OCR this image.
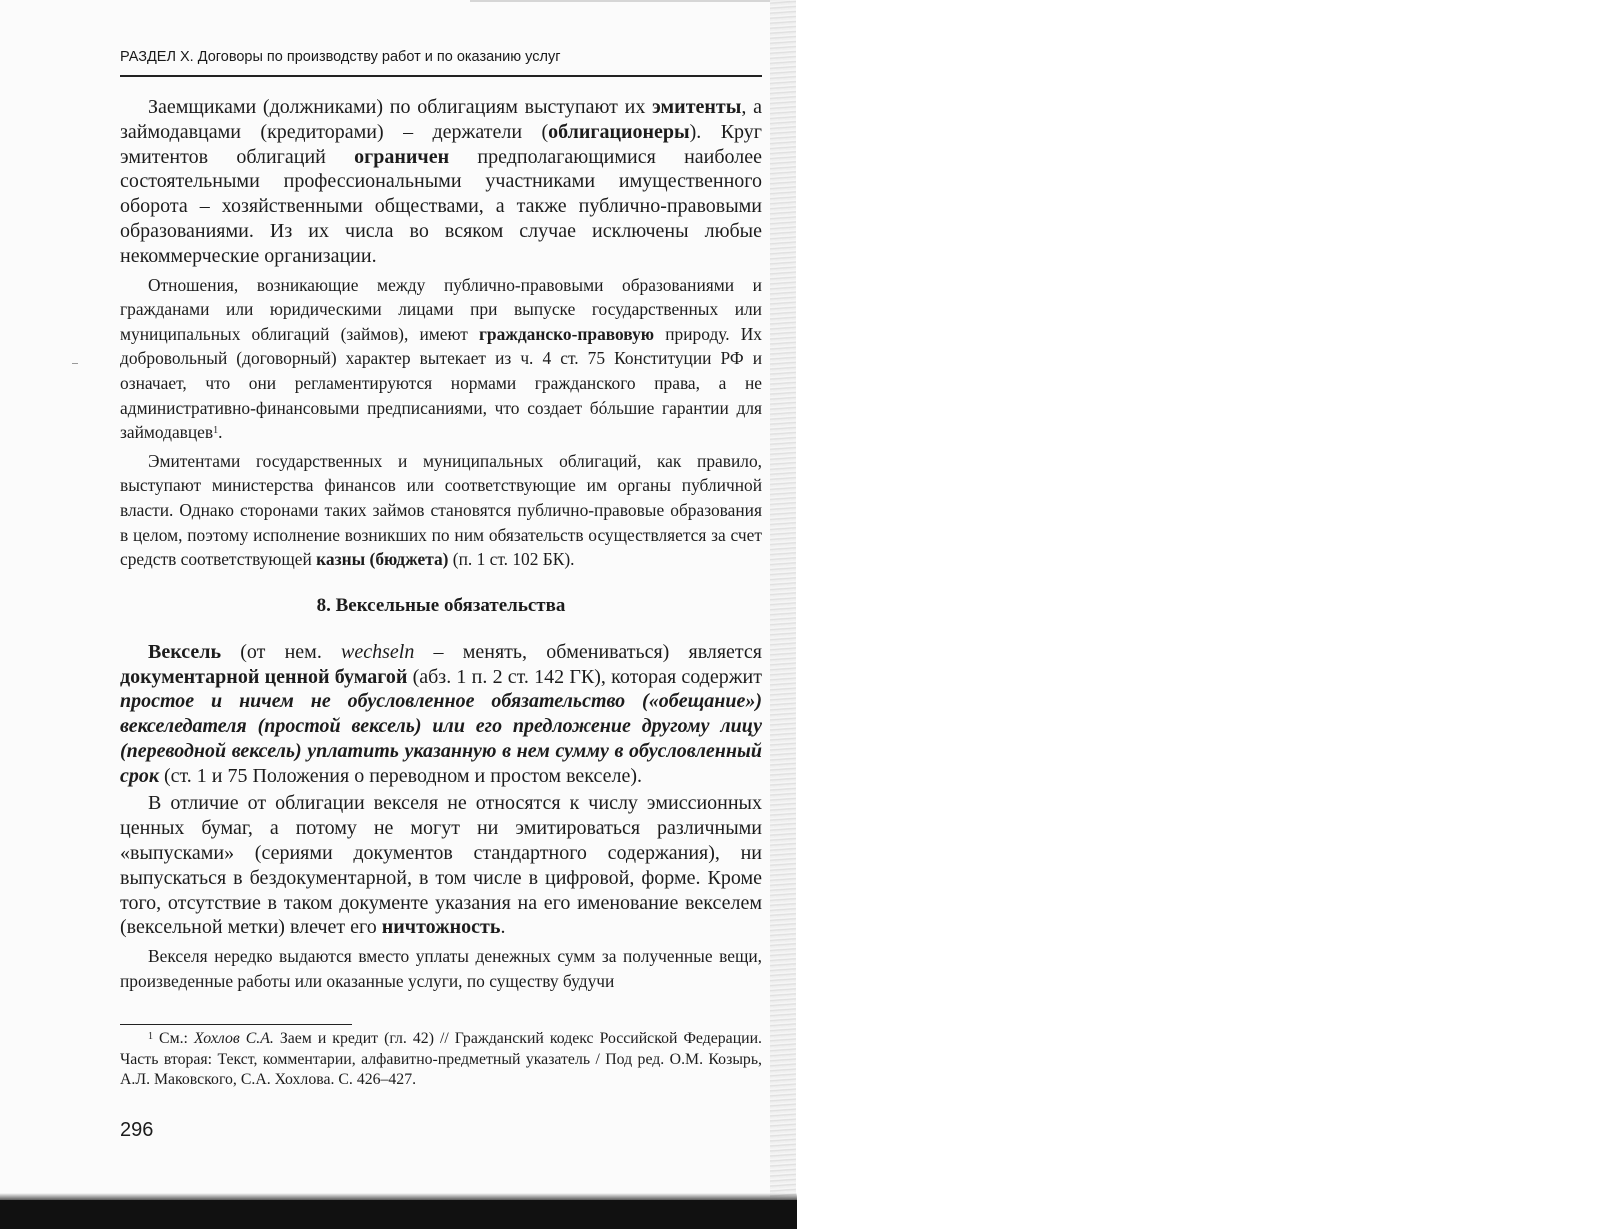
РАЗДЕЛ X. Договоры по производству работ и по оказанию услуг

Заемщиками (должниками) по облигациям выступают их эмитенты, а займодавцами (кредиторами) – держатели (облигационеры). Круг эмитентов облигаций ограничен предполагающимися наиболее состоятельными профессиональными участниками имущественного оборота – хозяйственными обществами, а также публично-правовыми образованиями. Из их числа во всяком случае исключены любые некоммерческие организации.

Отношения, возникающие между публично-правовыми образованиями и гражданами или юридическими лицами при выпуске государственных или муниципальных облигаций (займов), имеют гражданско-правовую природу. Их добровольный (договорный) характер вытекает из ч. 4 ст. 75 Конституции РФ и означает, что они регламентируются нормами гражданского права, а не административно-финансовыми предписаниями, что создает бóльшие гарантии для займодавцев$^1$.

Эмитентами государственных и муниципальных облигаций, как правило, выступают министерства финансов или соответствующие им органы публичной власти. Однако сторонами таких займов становятся публично-правовые образования в целом, поэтому исполнение возникших по ним обязательств осуществляется за счет средств соответствующей казны (бюджета) (п. 1 ст. 102 БК).

8. Вексельные обязательства

Вексель (от нем. wechseln – менять, обмениваться) является документарной ценной бумагой (абз. 1 п. 2 ст. 142 ГК), которая содержит простое и ничем не обусловленное обязательство («обещание») векселедателя (простой вексель) или его предложение другому лицу (переводной вексель) уплатить указанную в нем сумму в обусловленный срок (ст. 1 и 75 Положения о переводном и простом векселе).

В отличие от облигации векселя не относятся к числу эмиссионных ценных бумаг, а потому не могут ни эмитироваться различными «выпусками» (сериями документов стандартного содержания), ни выпускаться в бездокументарной, в том числе в цифровой, форме. Кроме того, отсутствие в таком документе указания на его именование векселем (вексельной метки) влечет его ничтожность.

Векселя нередко выдаются вместо уплаты денежных сумм за полученные вещи, произведенные работы или оказанные услуги, по существу будучи

$^1$ См.: Хохлов С.А. Заем и кредит (гл. 42) // Гражданский кодекс Российской Федерации. Часть вторая: Текст, комментарии, алфавитно-предметный указатель / Под ред. О.М. Козырь, А.Л. Маковского, С.А. Хохлова. С. 426–427.
296
